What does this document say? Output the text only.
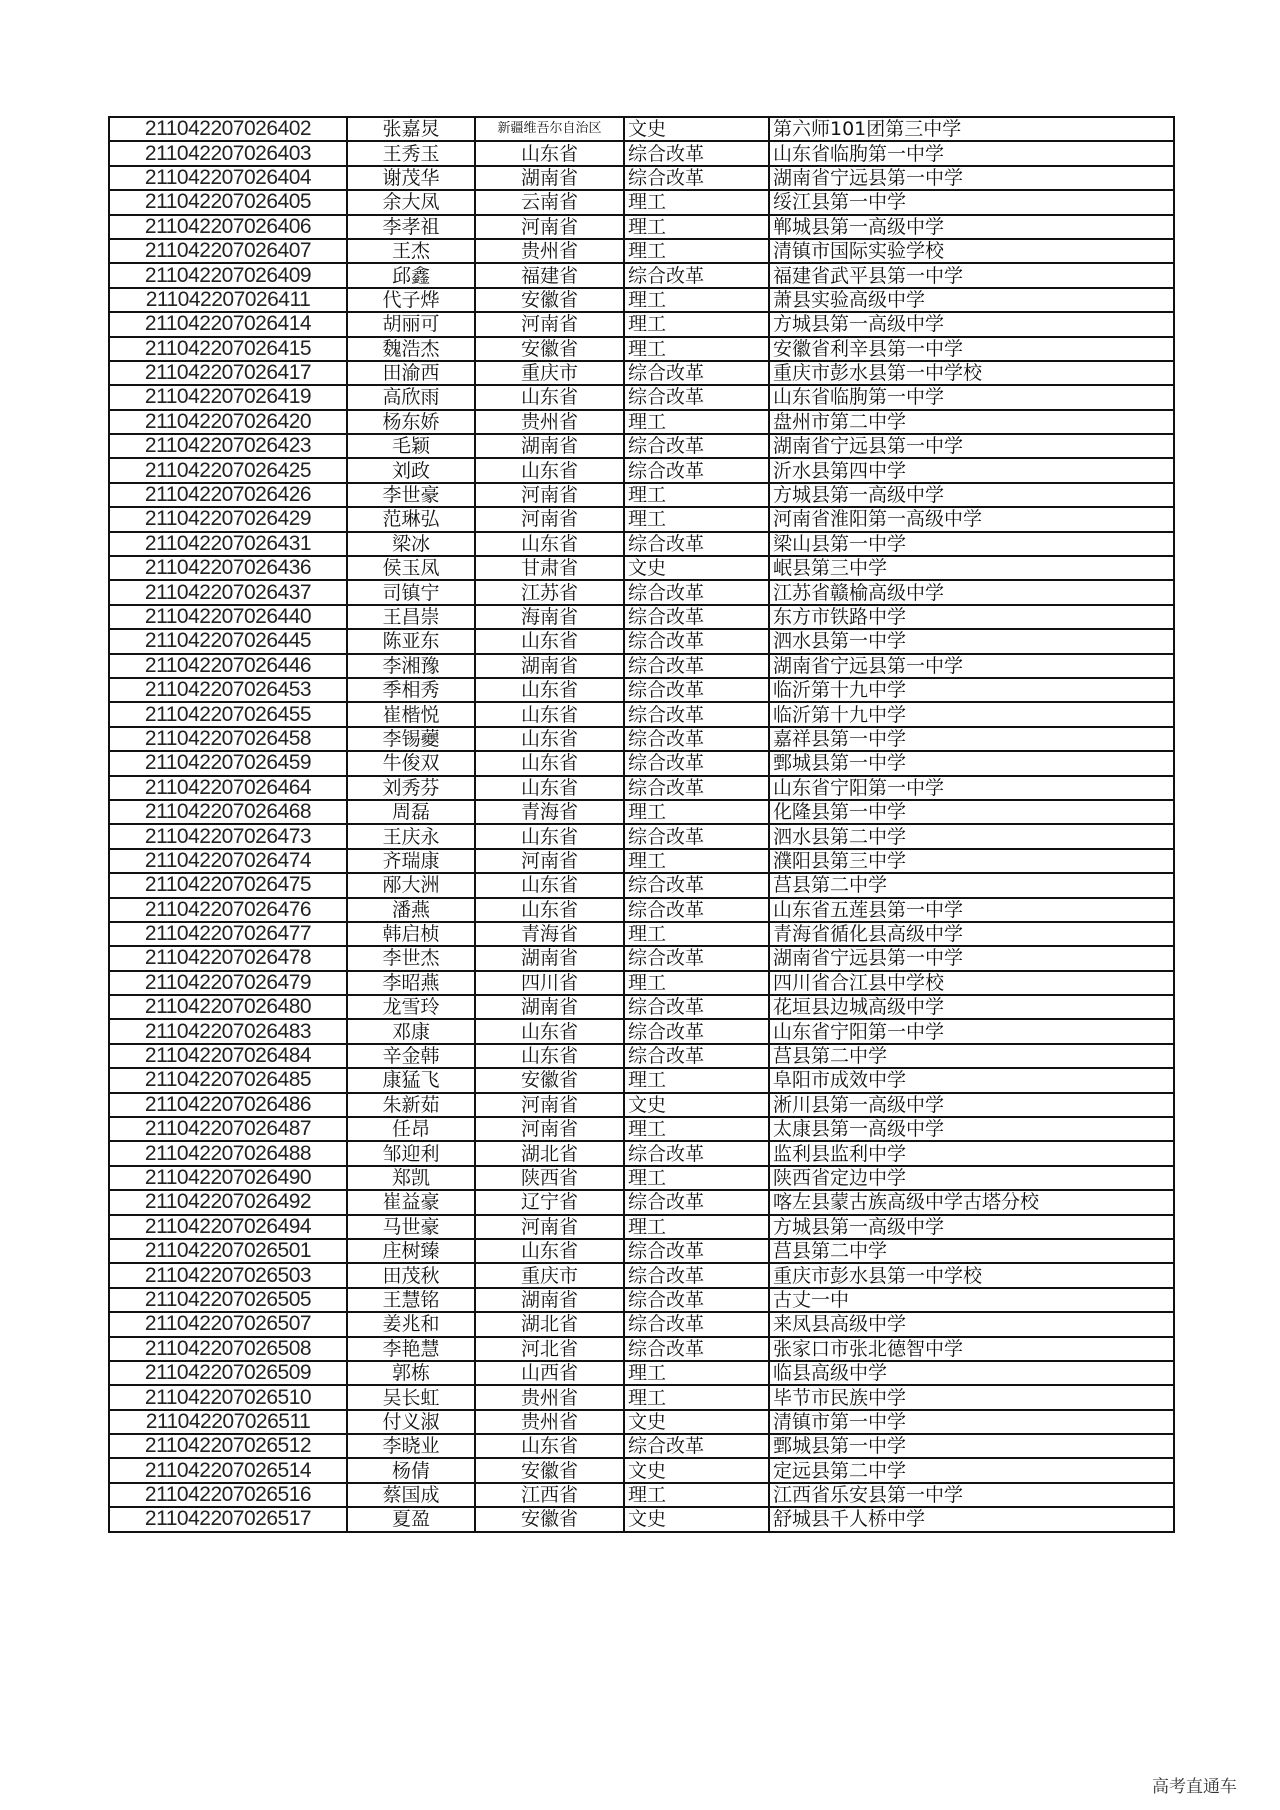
211042207026402	张嘉炅	新疆维吾尔自治区	文史	第六师101团第三中学
211042207026403	王秀玉	山东省	综合改革	山东省临朐第一中学
211042207026404	谢茂华	湖南省	综合改革	湖南省宁远县第一中学
211042207026405	余大凤	云南省	理工	绥江县第一中学
211042207026406	李孝祖	河南省	理工	郸城县第一高级中学
211042207026407	王杰	贵州省	理工	清镇市国际实验学校
211042207026409	邱鑫	福建省	综合改革	福建省武平县第一中学
211042207026411	代子烨	安徽省	理工	萧县实验高级中学
211042207026414	胡丽可	河南省	理工	方城县第一高级中学
211042207026415	魏浩杰	安徽省	理工	安徽省利辛县第一中学
211042207026417	田渝西	重庆市	综合改革	重庆市彭水县第一中学校
211042207026419	高欣雨	山东省	综合改革	山东省临朐第一中学
211042207026420	杨东娇	贵州省	理工	盘州市第二中学
211042207026423	毛颖	湖南省	综合改革	湖南省宁远县第一中学
211042207026425	刘政	山东省	综合改革	沂水县第四中学
211042207026426	李世豪	河南省	理工	方城县第一高级中学
211042207026429	范琳弘	河南省	理工	河南省淮阳第一高级中学
211042207026431	梁冰	山东省	综合改革	梁山县第一中学
211042207026436	侯玉凤	甘肃省	文史	岷县第三中学
211042207026437	司镇宁	江苏省	综合改革	江苏省赣榆高级中学
211042207026440	王昌崇	海南省	综合改革	东方市铁路中学
211042207026445	陈亚东	山东省	综合改革	泗水县第一中学
211042207026446	李湘豫	湖南省	综合改革	湖南省宁远县第一中学
211042207026453	季相秀	山东省	综合改革	临沂第十九中学
211042207026455	崔楷悦	山东省	综合改革	临沂第十九中学
211042207026458	李锡蘷	山东省	综合改革	嘉祥县第一中学
211042207026459	牛俊双	山东省	综合改革	鄄城县第一中学
211042207026464	刘秀芬	山东省	综合改革	山东省宁阳第一中学
211042207026468	周磊	青海省	理工	化隆县第一中学
211042207026473	王庆永	山东省	综合改革	泗水县第二中学
211042207026474	齐瑞康	河南省	理工	濮阳县第三中学
211042207026475	邴大洲	山东省	综合改革	莒县第二中学
211042207026476	潘燕	山东省	综合改革	山东省五莲县第一中学
211042207026477	韩启桢	青海省	理工	青海省循化县高级中学
211042207026478	李世杰	湖南省	综合改革	湖南省宁远县第一中学
211042207026479	李昭燕	四川省	理工	四川省合江县中学校
211042207026480	龙雪玲	湖南省	综合改革	花垣县边城高级中学
211042207026483	邓康	山东省	综合改革	山东省宁阳第一中学
211042207026484	辛金韩	山东省	综合改革	莒县第二中学
211042207026485	康猛飞	安徽省	理工	阜阳市成效中学
211042207026486	朱新茹	河南省	文史	淅川县第一高级中学
211042207026487	任昂	河南省	理工	太康县第一高级中学
211042207026488	邹迎利	湖北省	综合改革	监利县监利中学
211042207026490	郑凯	陕西省	理工	陕西省定边中学
211042207026492	崔益豪	辽宁省	综合改革	喀左县蒙古族高级中学古塔分校
211042207026494	马世豪	河南省	理工	方城县第一高级中学
211042207026501	庄树臻	山东省	综合改革	莒县第二中学
211042207026503	田茂秋	重庆市	综合改革	重庆市彭水县第一中学校
211042207026505	王慧铭	湖南省	综合改革	古丈一中
211042207026507	姜兆和	湖北省	综合改革	来凤县高级中学
211042207026508	李艳慧	河北省	综合改革	张家口市张北德智中学
211042207026509	郭栋	山西省	理工	临县高级中学
211042207026510	吴长虹	贵州省	理工	毕节市民族中学
211042207026511	付义淑	贵州省	文史	清镇市第一中学
211042207026512	李晓业	山东省	综合改革	鄄城县第一中学
211042207026514	杨倩	安徽省	文史	定远县第二中学
211042207026516	蔡国成	江西省	理工	江西省乐安县第一中学
211042207026517	夏盈	安徽省	文史	舒城县千人桥中学
高考直通车
